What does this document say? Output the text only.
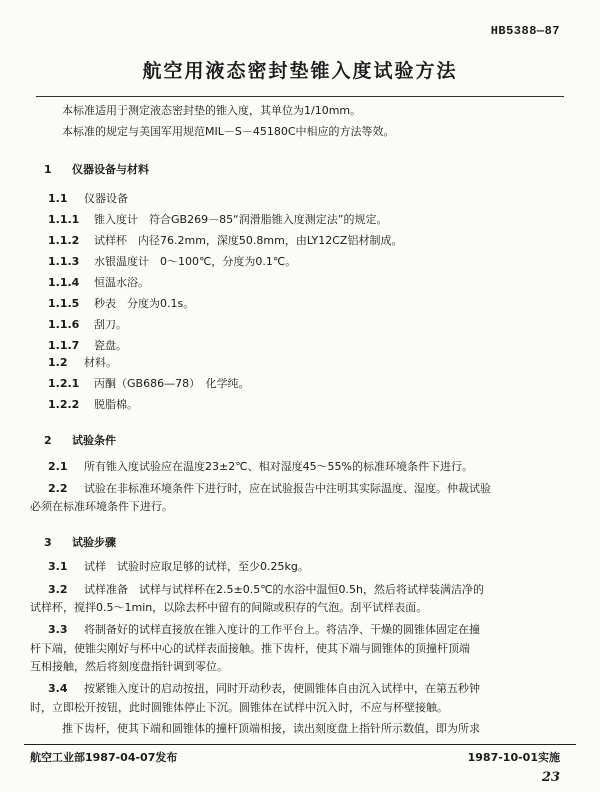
HB5388—87
航空用液态密封垫锥入度试验方法
本标准适用于测定液态密封垫的锥入度，其单位为1/10mm。
本标准的规定与美国军用规范MIL－S－45180C中相应的方法等效。
1 仪器设备与材料
1.1 仪器设备
1.1.1 锥入度计　符合GB269－85“润滑脂锥入度测定法”的规定。
1.1.2 试样杯　内径76.2mm，深度50.8mm，由LY12CZ铝材制成。
1.1.3 水银温度计　0～100℃，分度为0.1℃。
1.1.4 恒温水浴。
1.1.5 秒表　分度为0.1s。
1.1.6 刮刀。
1.1.7 瓷盘。
1.2 材料。
1.2.1 丙酮（GB686—78）　化学纯。
1.2.2 脱脂棉。
2 试验条件
2.1 所有锥入度试验应在温度23±2℃、相对湿度45～55%的标准环境条件下进行。
2.2 试验在非标准环境条件下进行时，应在试验报告中注明其实际温度、湿度。仲裁试验
必须在标准环境条件下进行。
3 试验步骤
3.1 试样　试验时应取足够的试样，至少0.25kg。
3.2 试样准备　试样与试样杯在2.5±0.5℃的水浴中温恒0.5h，然后将试样装满洁净的
试样杯，搅拌0.5～1min，以除去杯中留有的间隙或积存的气泡。刮平试样表面。
3.3 将制备好的试样直接放在锥入度计的工作平台上。将洁净、干燥的圆锥体固定在撞
杆下端，使锥尖刚好与杯中心的试样表面接触。推下齿杆，使其下端与圆锥体的顶撞杆顶端
互相接触，然后将刻度盘指针调到零位。
3.4 按紧锥入度计的启动按扭，同时开动秒表，使圆锥体自由沉入试样中，在第五秒钟
时，立即松开按钮，此时圆锥体停止下沉。圆锥体在试样中沉入时，不应与杯壁接触。
推下齿杆，使其下端和圆锥体的撞杆顶端相接，读出刻度盘上指针所示数值，即为所求
航空工业部1987-04-07发布	1987-10-01实施
23
